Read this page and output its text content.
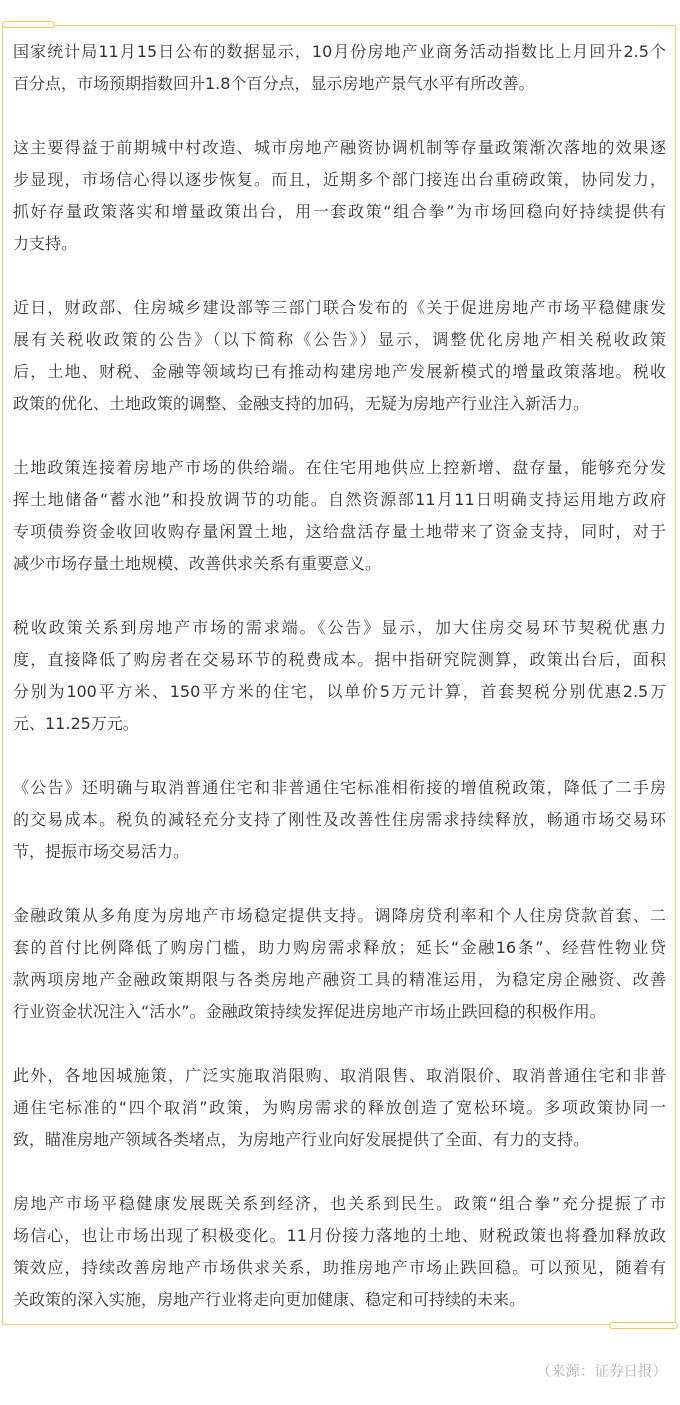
国家统计局11月15日公布的数据显示，10月份房地产业商务活动指数比上月回升2.5个
百分点，市场预期指数回升1.8个百分点，显示房地产景气水平有所改善。
这主要得益于前期城中村改造、城市房地产融资协调机制等存量政策渐次落地的效果逐
步显现，市场信心得以逐步恢复。而且，近期多个部门接连出台重磅政策，协同发力，
抓好存量政策落实和增量政策出台，用一套政策“组合拳”为市场回稳向好持续提供有
力支持。
近日，财政部、住房城乡建设部等三部门联合发布的《关于促进房地产市场平稳健康发
展有关税收政策的公告》（以下简称《公告》）显示，调整优化房地产相关税收政策
后，土地、财税、金融等领域均已有推动构建房地产发展新模式的增量政策落地。税收
政策的优化、土地政策的调整、金融支持的加码，无疑为房地产行业注入新活力。
土地政策连接着房地产市场的供给端。在住宅用地供应上控新增、盘存量，能够充分发
挥土地储备“蓄水池”和投放调节的功能。自然资源部11月11日明确支持运用地方政府
专项债券资金收回收购存量闲置土地，这给盘活存量土地带来了资金支持，同时，对于
减少市场存量土地规模、改善供求关系有重要意义。
税收政策关系到房地产市场的需求端。《公告》显示，加大住房交易环节契税优惠力
度，直接降低了购房者在交易环节的税费成本。据中指研究院测算，政策出台后，面积
分别为100平方米、150平方米的住宅，以单价5万元计算，首套契税分别优惠2.5万
元、11.25万元。
《公告》还明确与取消普通住宅和非普通住宅标准相衔接的增值税政策，降低了二手房
的交易成本。税负的减轻充分支持了刚性及改善性住房需求持续释放，畅通市场交易环
节，提振市场交易活力。
金融政策从多角度为房地产市场稳定提供支持。调降房贷利率和个人住房贷款首套、二
套的首付比例降低了购房门槛，助力购房需求释放；延长“金融16条”、经营性物业贷
款两项房地产金融政策期限与各类房地产融资工具的精准运用，为稳定房企融资、改善
行业资金状况注入“活水”。金融政策持续发挥促进房地产市场止跌回稳的积极作用。
此外，各地因城施策，广泛实施取消限购、取消限售、取消限价、取消普通住宅和非普
通住宅标准的“四个取消”政策，为购房需求的释放创造了宽松环境。多项政策协同一
致，瞄准房地产领域各类堵点，为房地产行业向好发展提供了全面、有力的支持。
房地产市场平稳健康发展既关系到经济，也关系到民生。政策“组合拳”充分提振了市
场信心，也让市场出现了积极变化。11月份接力落地的土地、财税政策也将叠加释放政
策效应，持续改善房地产市场供求关系，助推房地产市场止跌回稳。可以预见，随着有
关政策的深入实施，房地产行业将走向更加健康、稳定和可持续的未来。
（来源：证券日报）
